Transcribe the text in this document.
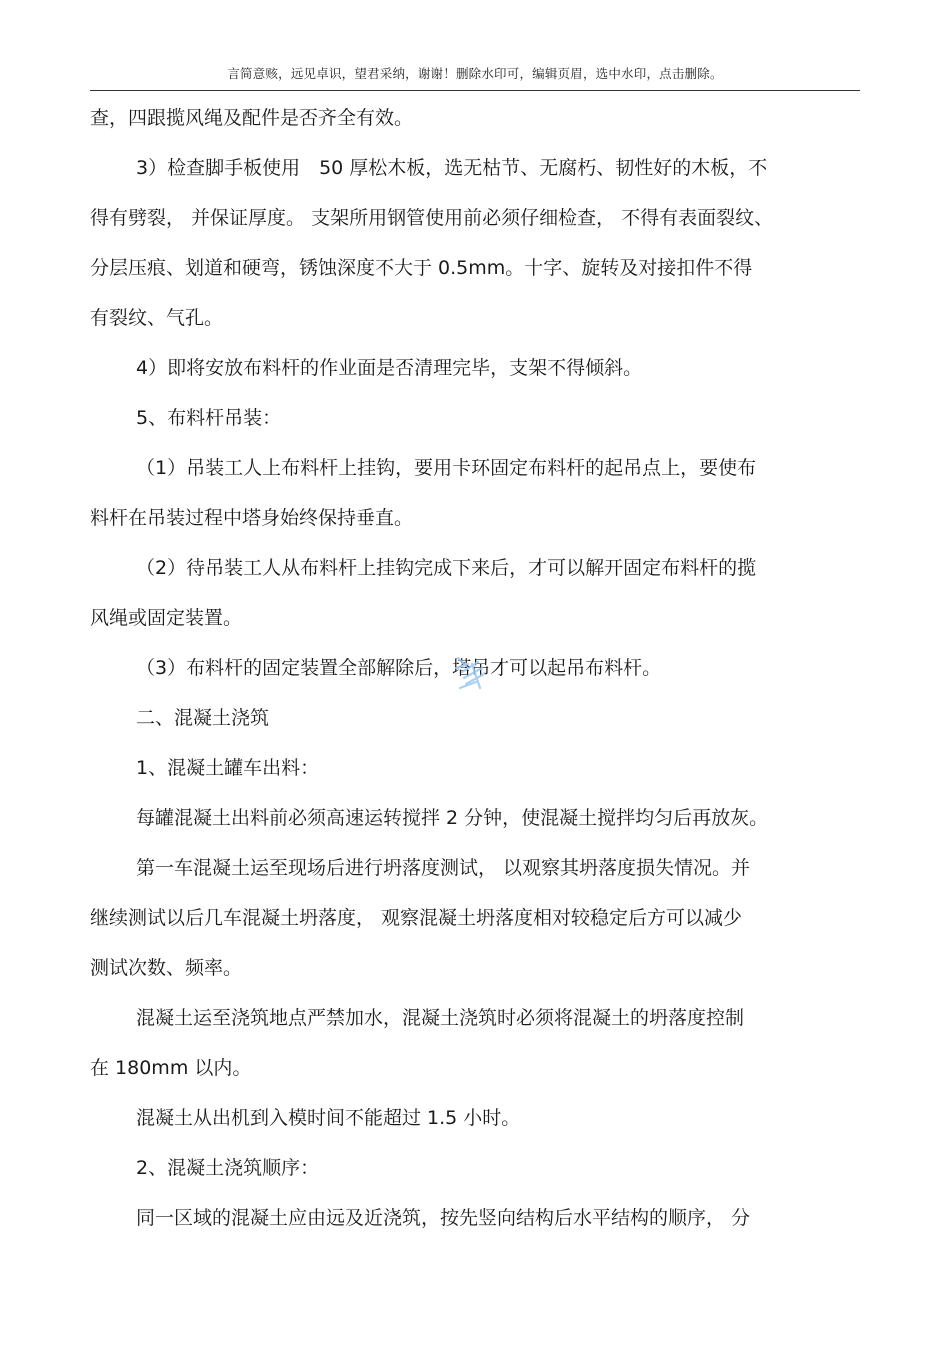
言简意赅，远见卓识，望君采纳，谢谢！删除水印可，编辑页眉，选中水印，点击删除。
查，四跟揽风绳及配件是否齐全有效。
3）检查脚手板使用　50 厚松木板，选无枯节、无腐朽、韧性好的木板，不
得有劈裂， 并保证厚度。 支架所用钢管使用前必须仔细检查， 不得有表面裂纹、
分层压痕、划道和硬弯，锈蚀深度不大于 0.5mm。十字、旋转及对接扣件不得
有裂纹、气孔。
4）即将安放布料杆的作业面是否清理完毕，支架不得倾斜。
5、布料杆吊装：
（1）吊装工人上布料杆上挂钩，要用卡环固定布料杆的起吊点上，要使布
料杆在吊装过程中塔身始终保持垂直。
（2）待吊装工人从布料杆上挂钩完成下来后，才可以解开固定布料杆的揽
风绳或固定装置。
（3）布料杆的固定装置全部解除后，塔吊才可以起吊布料杆。
二、混凝土浇筑
1、混凝土罐车出料：
每罐混凝土出料前必须高速运转搅拌 2 分钟，使混凝土搅拌均匀后再放灰。
第一车混凝土运至现场后进行坍落度测试， 以观察其坍落度损失情况。并
继续测试以后几车混凝土坍落度， 观察混凝土坍落度相对较稳定后方可以减少
测试次数、频率。
混凝土运至浇筑地点严禁加水，混凝土浇筑时必须将混凝土的坍落度控制
在 180mm 以内。
混凝土从出机到入模时间不能超过 1.5 小时。
2、混凝土浇筑顺序：
同一区域的混凝土应由远及近浇筑，按先竖向结构后水平结构的顺序， 分
